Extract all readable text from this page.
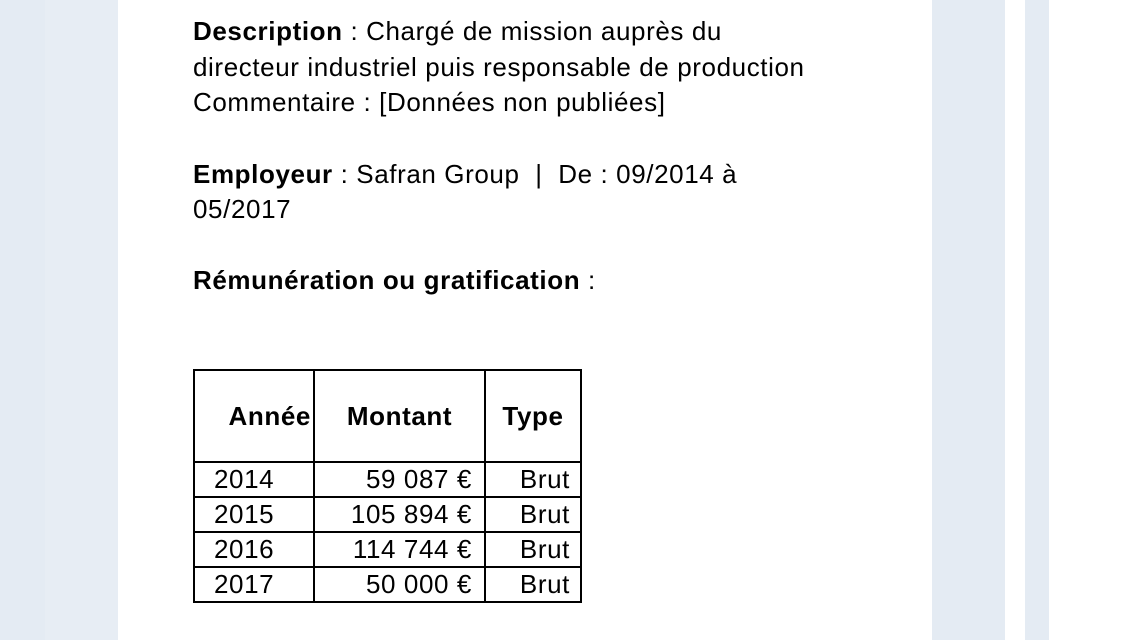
Description : Chargé de mission auprès du directeur industriel puis responsable de production

Commentaire : [Données non publiées]

Employeur : Safran Group | De : 09/2014 à 05/2017

Rémunération ou gratification :

Année	Montant	Type
2014	59 087 €	Brut
2015	105 894 €	Brut
2016	114 744 €	Brut
2017	50 000 €	Brut
